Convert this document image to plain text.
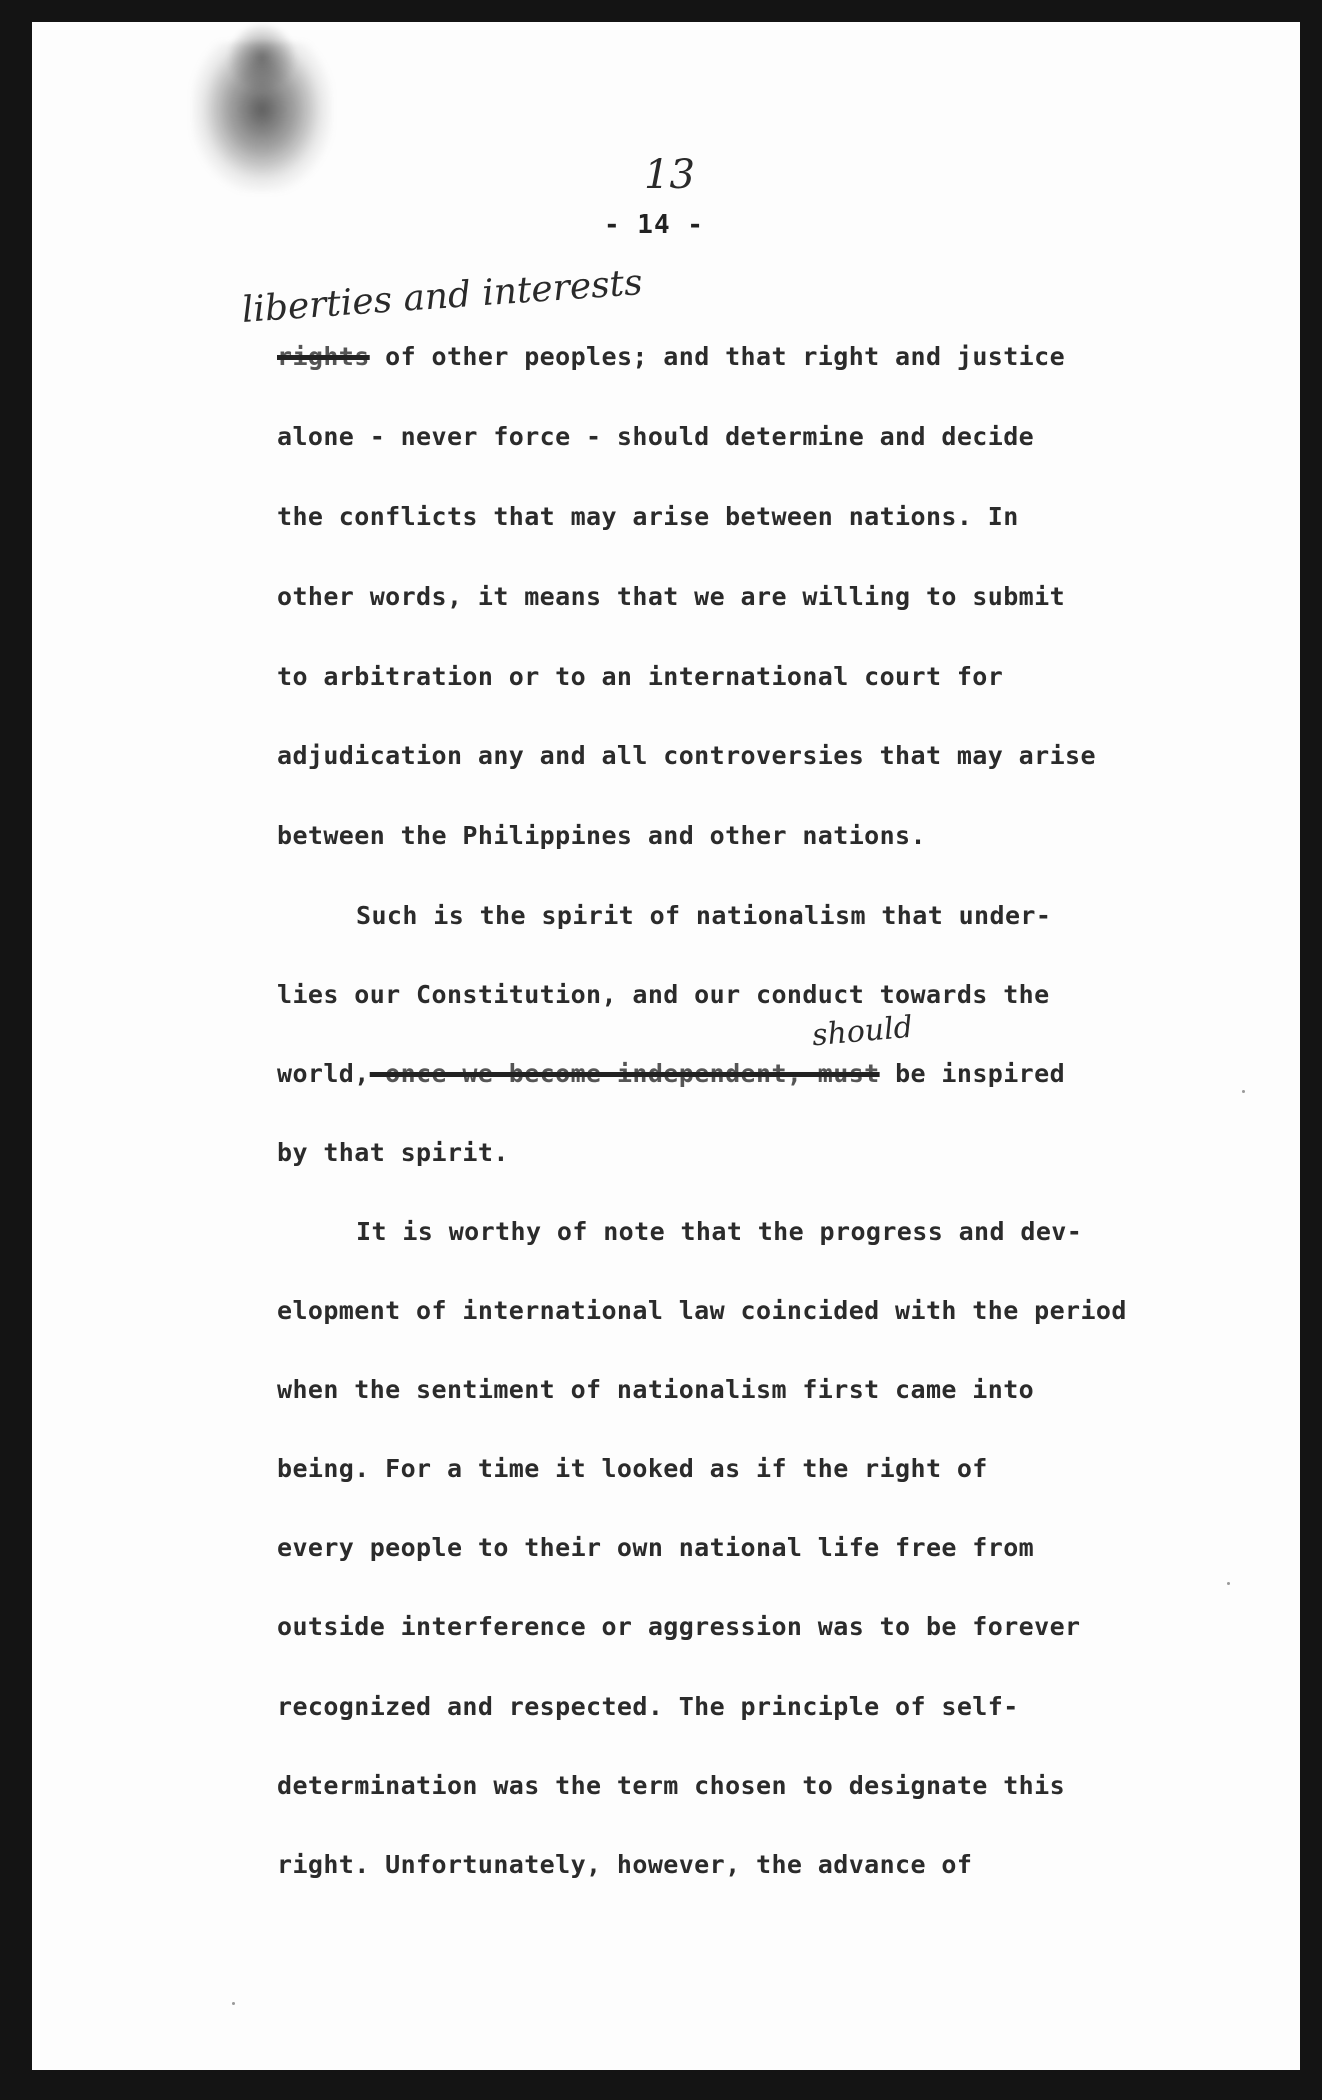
13
- 14 -
liberties and interests
should
rights of other peoples; and that right and justice
alone - never force - should determine and decide
the conflicts that may arise between nations. In
other words, it means that we are willing to submit
to arbitration or to an international court for
adjudication any and all controversies that may arise
between the Philippines and other nations.
Such is the spirit of nationalism that under-
lies our Constitution, and our conduct towards the
world, once we become independent, must be inspired
by that spirit.
It is worthy of note that the progress and dev-
elopment of international law coincided with the period
when the sentiment of nationalism first came into
being. For a time it looked as if the right of
every people to their own national life free from
outside interference or aggression was to be forever
recognized and respected. The principle of self-
determination was the term chosen to designate this
right. Unfortunately, however, the advance of
